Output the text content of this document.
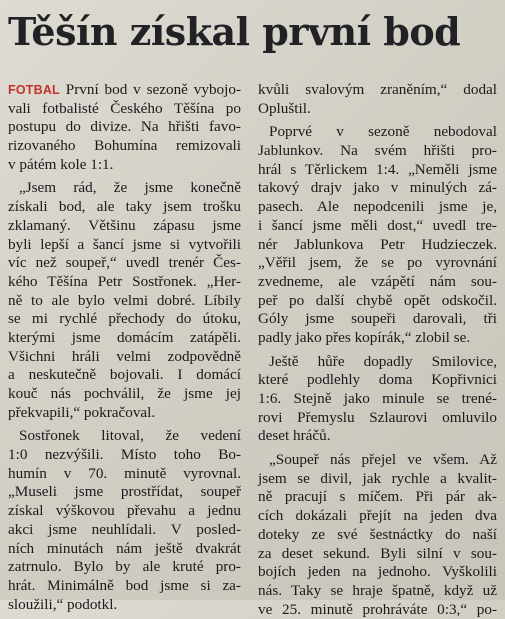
Těšín získal první bod
FOTBAL První bod v sezoně vybojo-
vali fotbalisté Českého Těšína po
postupu do divize. Na hřišti favo-
rizovaného Bohumína remizovali
v pátém kole 1:1.
„Jsem rád, že jsme konečně
získali bod, ale taky jsem trošku
zklamaný. Většinu zápasu jsme
byli lepší a šancí jsme si vytvořili
víc než soupeř,“ uvedl trenér Čes-
kého Těšína Petr Sostřonek. „Her-
ně to ale bylo velmi dobré. Líbily
se mi rychlé přechody do útoku,
kterými jsme domácím zatápěli.
Všichni hráli velmi zodpovědně
a neskutečně bojovali. I domácí
kouč nás pochválil, že jsme jej
překvapili,“ pokračoval.
Sostřonek litoval, že vedení
1:0 nezvýšili. Místo toho Bo-
humín v 70. minutě vyrovnal.
„Museli jsme prostřídat, soupeř
získal výškovou převahu a jednu
akci jsme neuhlídali. V posled-
ních minutách nám ještě dvakrát
zatrnulo. Bylo by ale kruté pro-
hrát. Minimálně bod jsme si za-
sloužili,“ podotkl.
kvůli svalovým zraněním,“ dodal
Opluštil.
Poprvé v sezoně nebodoval
Jablunkov. Na svém hřišti pro-
hrál s Těrlickem 1:4. „Neměli jsme
takový drajv jako v minulých zá-
pasech. Ale nepodcenili jsme je,
i šancí jsme měli dost,“ uvedl tre-
nér Jablunkova Petr Hudzieczek.
„Věřil jsem, že se po vyrovnání
zvedneme, ale vzápětí nám sou-
peř po další chybě opět odskočil.
Góly jsme soupeři darovali, tři
padly jako přes kopírák,“ zlobil se.
Ještě hůře dopadly Smilovice,
které podlehly doma Kopřivnici
1:6. Stejně jako minule se trené-
rovi Přemyslu Szlaurovi omluvilo
deset hráčů.
„Soupeř nás přejel ve všem. Až
jsem se divil, jak rychle a kvalit-
ně pracují s míčem. Při pár ak-
cích dokázali přejít na jeden dva
doteky ze své šestnáctky do naší
za deset sekund. Byli silní v sou-
bojích jeden na jednoho. Vyškolili
nás. Taky se hraje špatně, když už
ve 25. minutě prohráváte 0:3,“ po-
